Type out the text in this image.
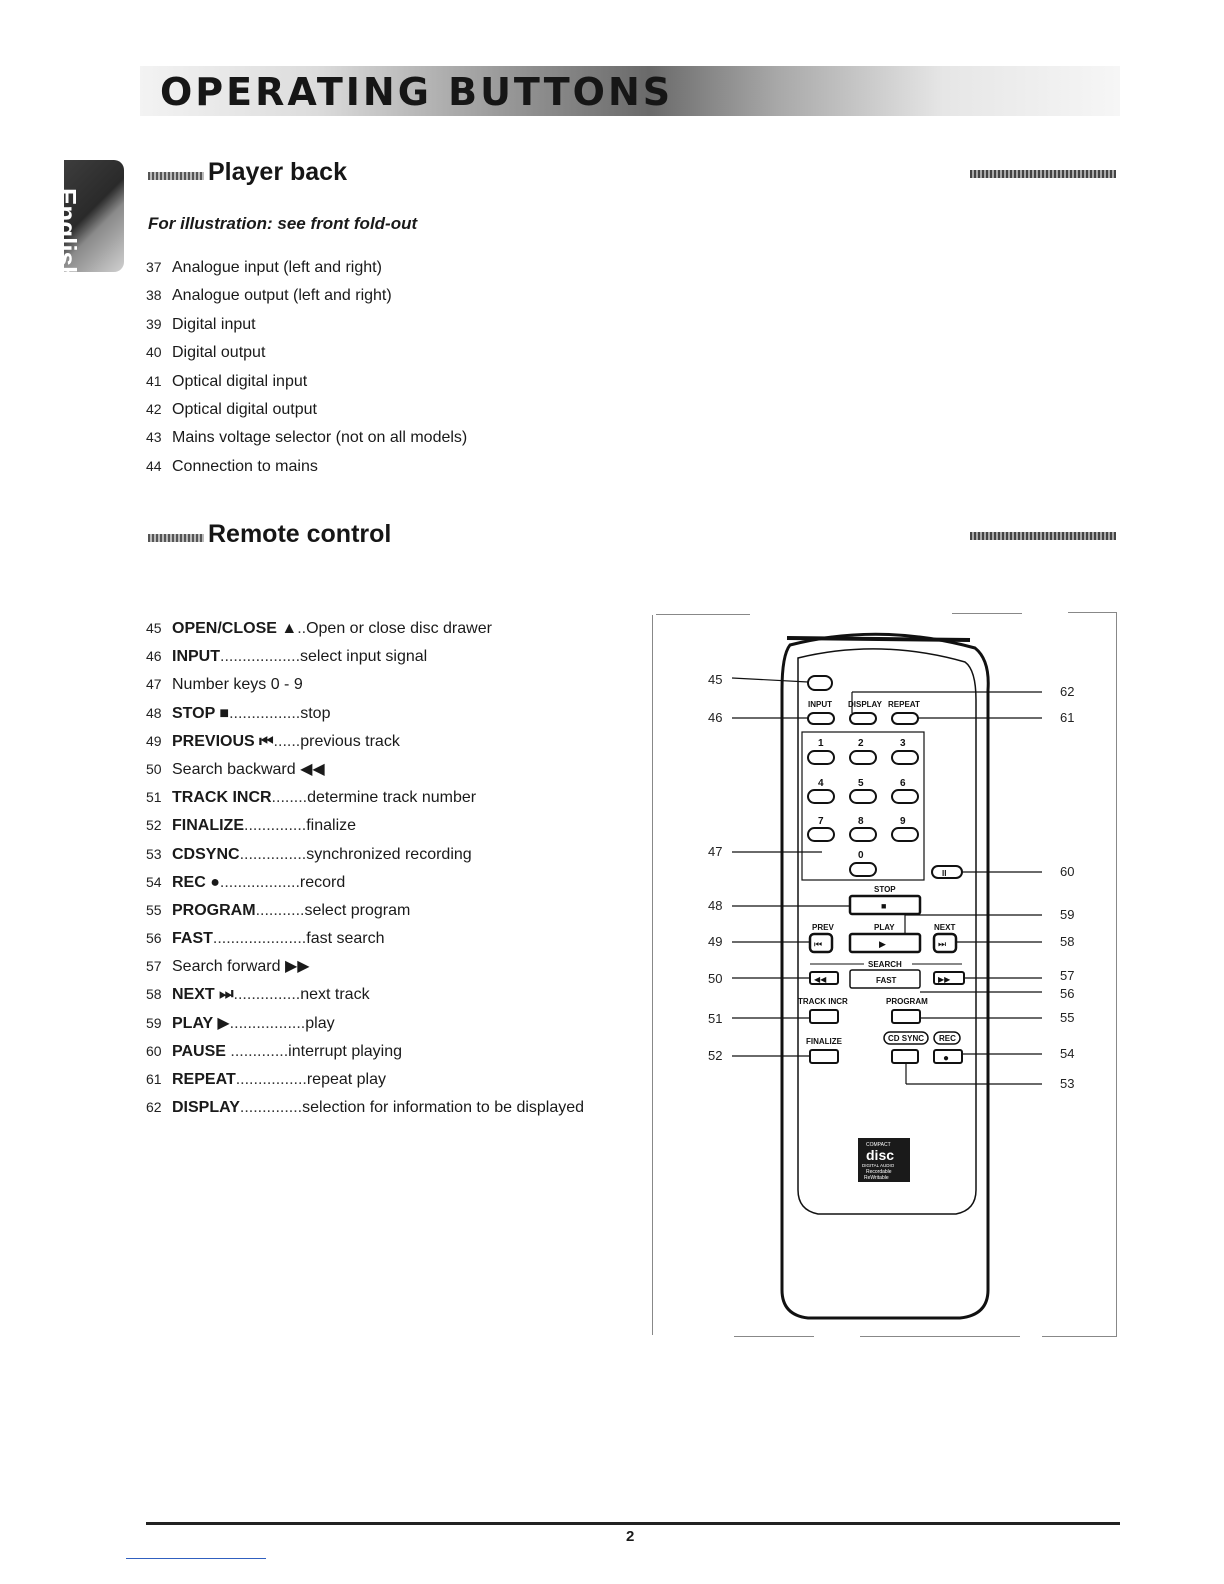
OPERATING BUTTONS
English
Player back
For illustration: see front fold-out
37 Analogue input (left and right)
38 Analogue output (left and right)
39 Digital input
40 Digital output
41 Optical digital input
42 Optical digital output
43 Mains voltage selector (not on all models)
44 Connection to mains
Remote control
45 OPEN/CLOSE ▲..Open or close disc drawer
46 INPUT..................select input signal
47 Number keys 0 - 9
48 STOP ■................stop
49 PREVIOUS ⏮......previous track
50 Search backward ◀◀
51 TRACK INCR........determine track number
52 FINALIZE..............finalize
53 CDSYNC...............synchronized recording
54 REC ●..................record
55 PROGRAM...........select program
56 FAST.....................fast search
57 Search forward ▶▶
58 NEXT ⏭...............next track
59 PLAY ▶.................play
60 PAUSE .............interrupt playing
61 REPEAT................repeat play
62 DISPLAY..............selection for information to be displayed
INPUT DISPLAY REPEAT
1	2	3
4	5	6
7	8	9
0
II
STOP
■
PREV	PLAY	NEXT
⏮	▶	⏭
SEARCH
◀◀	FAST	▶▶
TRACK INCR	PROGRAM
FINALIZE	CD SYNC REC
●
COMPACT
disc
DIGITAL AUDIO
Recordable
ReWritable
45
46
47
48
49
50
51
52
53
54
55
56
57
58
59
60
61
62
2
